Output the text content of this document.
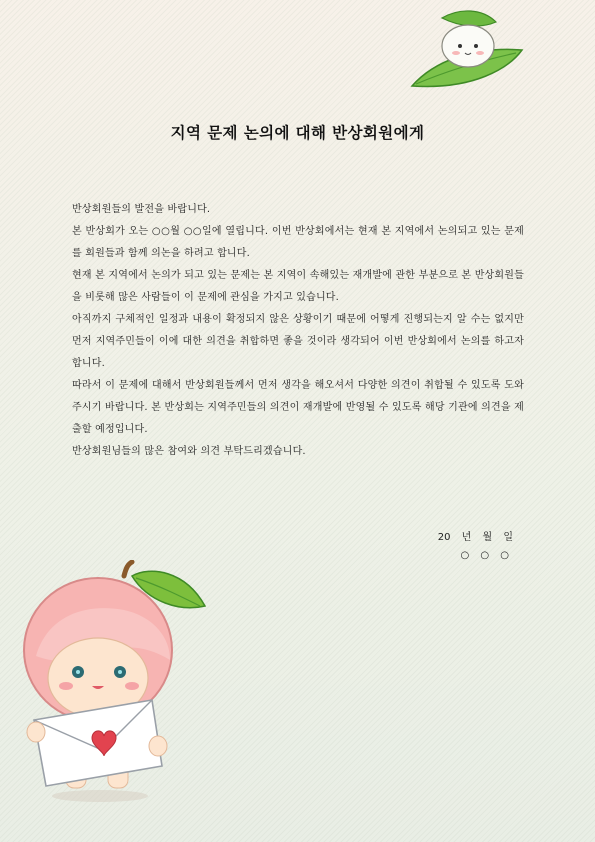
지역 문제 논의에 대해 반상회원에게

반상회원들의 발전을 바랍니다.

본 반상회가 오는 ○○월 ○○일에 열립니다. 이번 반상회에서는 현재 본 지역에서 논의되고 있는 문제를 회원들과 함께 의논을 하려고 합니다.

현재 본 지역에서 논의가 되고 있는 문제는 본 지역이 속해있는 재개발에 관한 부분으로 본 반상회원들을 비롯해 많은 사람들이 이 문제에 관심을 가지고 있습니다.

아직까지 구체적인 일정과 내용이 확정되지 않은 상황이기 때문에 어떻게 진행되는지 알 수는 없지만 먼저 지역주민들이 이에 대한 의견을 취합하면 좋을 것이라 생각되어 이번 반상회에서 논의를 하고자 합니다.

따라서 이 문제에 대해서 반상회원들께서 먼저 생각을 해오셔서 다양한 의견이 취합될 수 있도록 도와주시기 바랍니다. 본 반상회는 지역주민들의 의견이 재개발에 반영될 수 있도록 해당 기관에 의견을 제출할 예정입니다.

반상회원님들의 많은 참여와 의견 부탁드리겠습니다.

20 년 월 일
○ ○ ○
